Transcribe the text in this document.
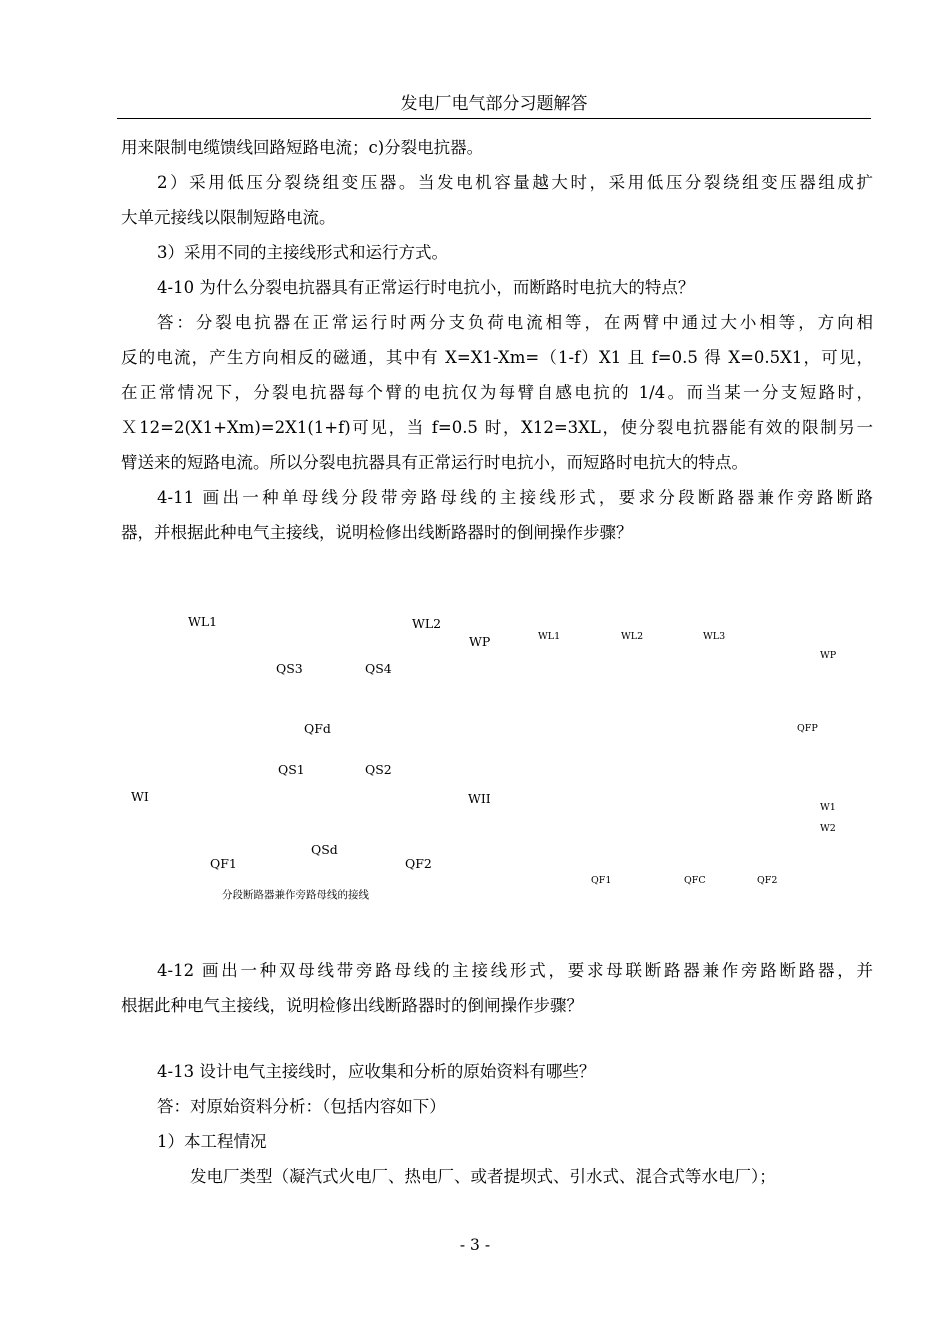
发电厂电气部分习题解答

用来限制电缆馈线回路短路电流；c)分裂电抗器。

2）采用低压分裂绕组变压器。当发电机容量越大时，采用低压分裂绕组变压器组成扩

大单元接线以限制短路电流。

3）采用不同的主接线形式和运行方式。

4-10 为什么分裂电抗器具有正常运行时电抗小，而断路时电抗大的特点？

答：分裂电抗器在正常运行时两分支负荷电流相等，在两臂中通过大小相等，方向相

反的电流，产生方向相反的磁通，其中有 X=X1-Xm=（1-f）X1 且 f=0.5 得 X=0.5X1，可见，

在正常情况下，分裂电抗器每个臂的电抗仅为每臂自感电抗的 1/4。而当某一分支短路时，

Ｘ12=2(X1+Xm)=2X1(1+f)可见，当 f=0.5 时，X12=3XL，使分裂电抗器能有效的限制另一

臂送来的短路电流。所以分裂电抗器具有正常运行时电抗小，而短路时电抗大的特点。

4-11 画出一种单母线分段带旁路母线的主接线形式，要求分段断路器兼作旁路断路

器，并根据此种电气主接线，说明检修出线断路器时的倒闸操作步骤？

WL1	WL2
WP
QS3	QS4
QFd
QS1	QS2
WI	WII
QSd
QF1	QF2
分段断路器兼作旁路母线的接线
WL1	WL2	WL3
WP
QFP
W1
W2
QF1	QFC	QF2

4-12 画出一种双母线带旁路母线的主接线形式，要求母联断路器兼作旁路断路器，并

根据此种电气主接线，说明检修出线断路器时的倒闸操作步骤？

4-13 设计电气主接线时，应收集和分析的原始资料有哪些？

答：对原始资料分析：（包括内容如下）

1）本工程情况

发电厂类型（凝汽式火电厂、热电厂、或者提坝式、引水式、混合式等水电厂）；

- 3 -
